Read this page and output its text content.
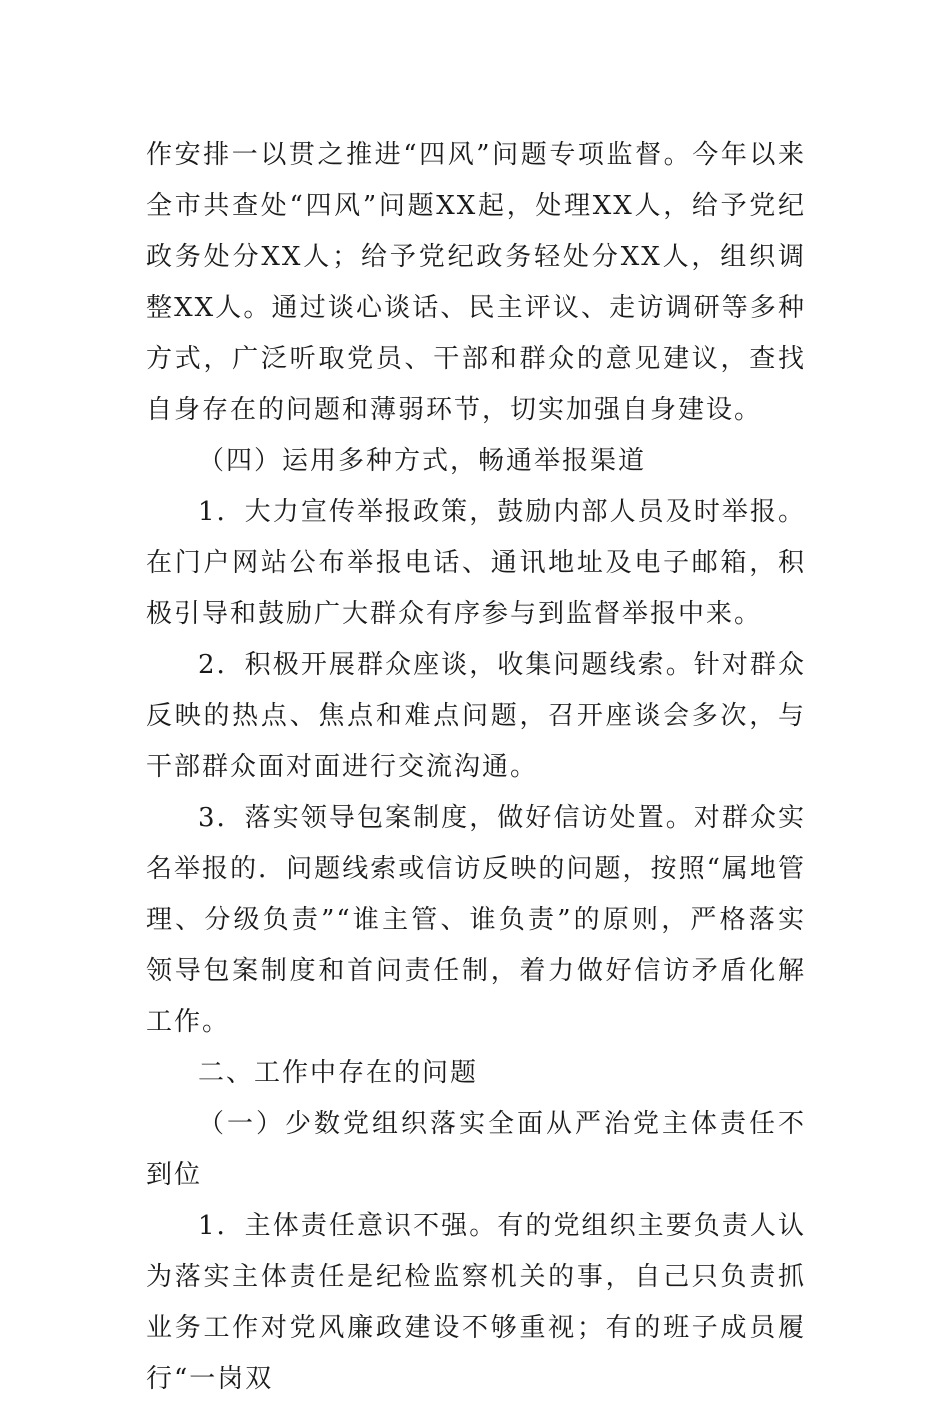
作安排一以贯之推进“四风”问题专项监督。今年以来全市共查处“四风”问题XX起，处理XX人，给予党纪政务处分XX人；给予党纪政务轻处分XX人，组织调整XX人。通过谈心谈话、民主评议、走访调研等多种方式，广泛听取党员、干部和群众的意见建议，查找自身存在的问题和薄弱环节，切实加强自身建设。

（四）运用多种方式，畅通举报渠道

1．大力宣传举报政策，鼓励内部人员及时举报。在门户网站公布举报电话、通讯地址及电子邮箱，积极引导和鼓励广大群众有序参与到监督举报中来。

2．积极开展群众座谈，收集问题线索。针对群众反映的热点、焦点和难点问题，召开座谈会多次，与干部群众面对面进行交流沟通。

3．落实领导包案制度，做好信访处置。对群众实名举报的．问题线索或信访反映的问题，按照“属地管理、分级负责”“谁主管、谁负责”的原则，严格落实领导包案制度和首问责任制，着力做好信访矛盾化解工作。

二、工作中存在的问题

（一）少数党组织落实全面从严治党主体责任不到位

1．主体责任意识不强。有的党组织主要负责人认为落实主体责任是纪检监察机关的事，自己只负责抓业务工作对党风廉政建设不够重视；有的班子成员履行“一岗双
